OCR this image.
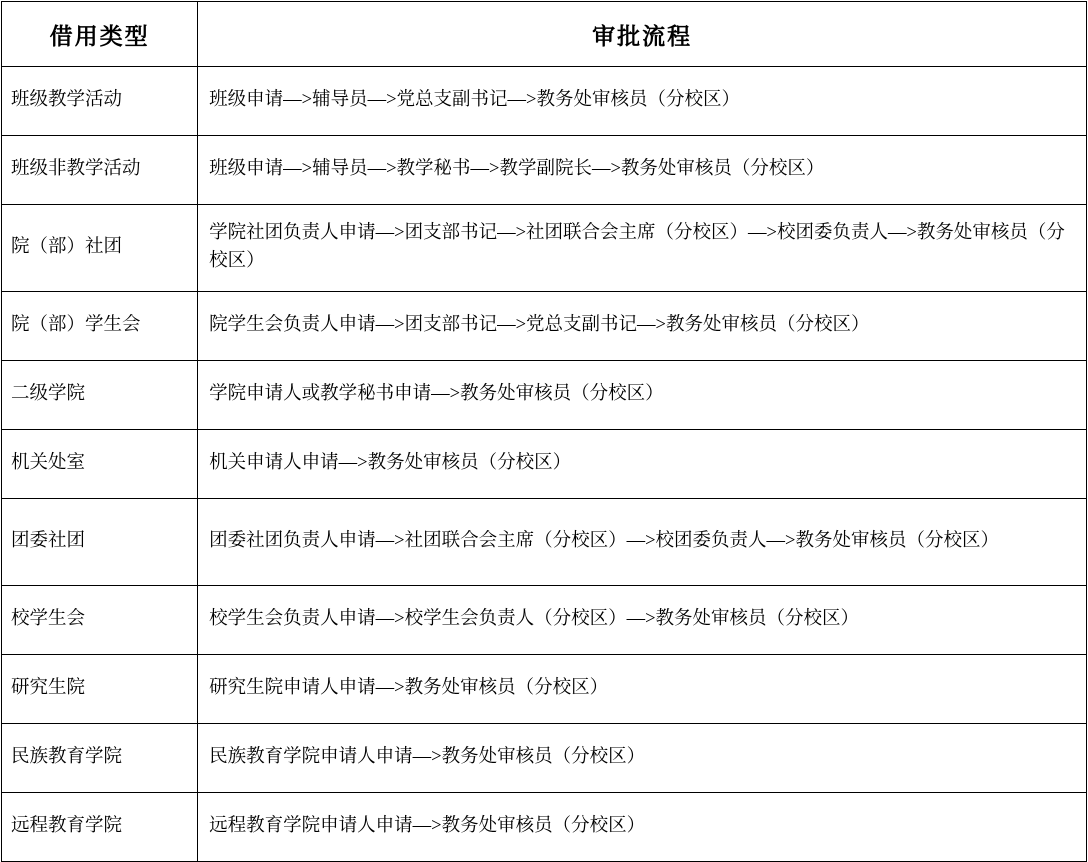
借用类型	审批流程
班级教学活动	班级申请—>辅导员—>党总支副书记—>教务处审核员（分校区）
班级非教学活动	班级申请—>辅导员—>教学秘书—>教学副院长—>教务处审核员（分校区）
院（部）社团	学院社团负责人申请—>团支部书记—>社团联合会主席（分校区）—>校团委负责人—>教务处审核员（分校区）
院（部）学生会	院学生会负责人申请—>团支部书记—>党总支副书记—>教务处审核员（分校区）
二级学院	学院申请人或教学秘书申请—>教务处审核员（分校区）
机关处室	机关申请人申请—>教务处审核员（分校区）
团委社团	团委社团负责人申请—>社团联合会主席（分校区）—>校团委负责人—>教务处审核员（分校区）
校学生会	校学生会负责人申请—>校学生会负责人（分校区）—>教务处审核员（分校区）
研究生院	研究生院申请人申请—>教务处审核员（分校区）
民族教育学院	民族教育学院申请人申请—>教务处审核员（分校区）
远程教育学院	远程教育学院申请人申请—>教务处审核员（分校区）
